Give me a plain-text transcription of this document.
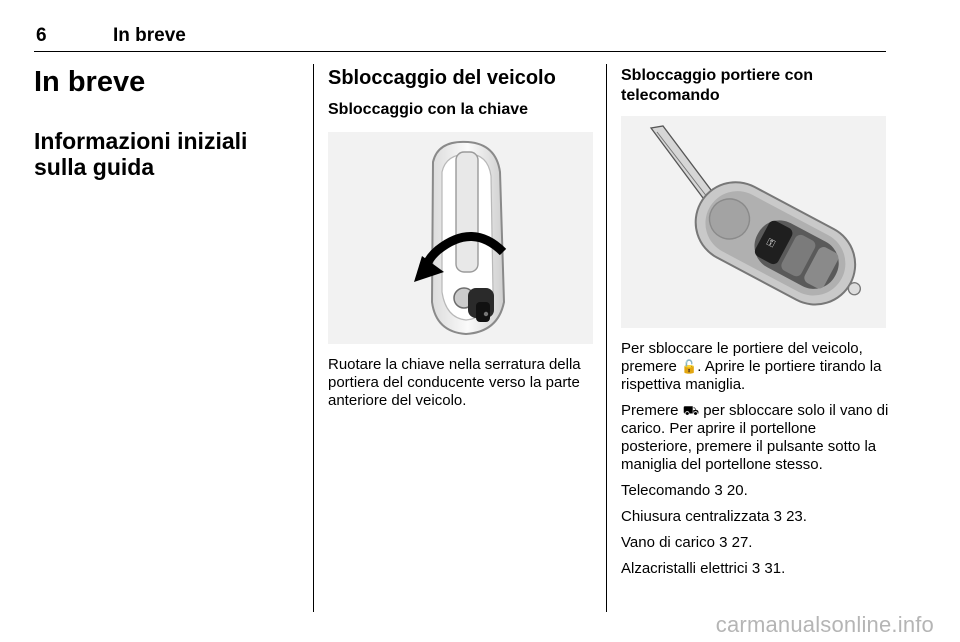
6	In breve
In breve
Informazioni iniziali sulla guida
Sbloccaggio del veicolo
Sbloccaggio con la chiave

Ruotare la chiave nella serratura della portiera del conducente verso la parte anteriore del veicolo.

Sbloccaggio portiere con telecomando
⚿

Per sbloccare le portiere del veicolo, premere 🔓. Aprire le portiere tirando la rispettiva maniglia.

Premere ⛟ per sbloccare solo il vano di carico. Per aprire il portellone posteriore, premere il pulsante sotto la maniglia del portellone stesso.

Telecomando 3 20.

Chiusura centralizzata 3 23.

Vano di carico 3 27.

Alzacristalli elettrici 3 31.

carmanualsonline.info
